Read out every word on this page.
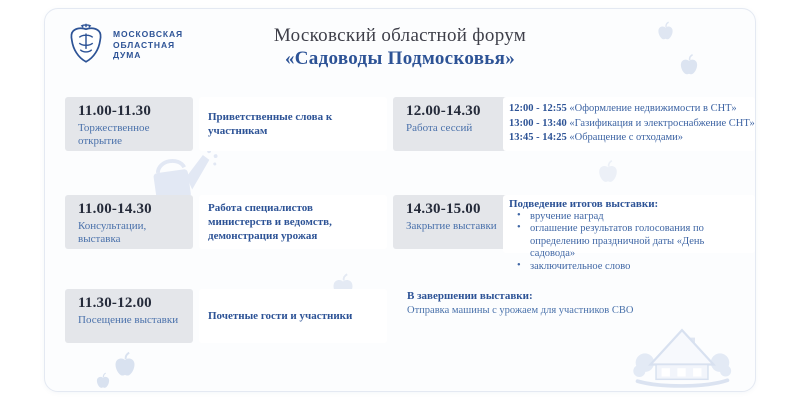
МОСКОВСКАЯ
ОБЛАСТНАЯ
ДУМА
Московский областной форум
«Садоводы Подмосковья»
11.00-11.30
Торжественное открытие
Приветственные слова к участникам
12.00-14.30
Работа сессий
12:00 - 12:55 «Оформление недвижимости в СНТ»
13:00 - 13:40 «Газификация и электроснабжение СНТ»
13:45 - 14:25 «Обращение с отходами»
11.00-14.30
Консультации, выставка
Работа специалистов министерств и ведомств, демонстрация урожая
14.30-15.00
Закрытие выставки
Подведение итогов выставки:
• вручение наград
• оглашение результатов голосования по определению праздничной даты «День садовода»
• заключительное слово
11.30-12.00
Посещение выставки	Почетные гости и участники
В завершении выставки:
Отправка машины с урожаем для участников СВО
